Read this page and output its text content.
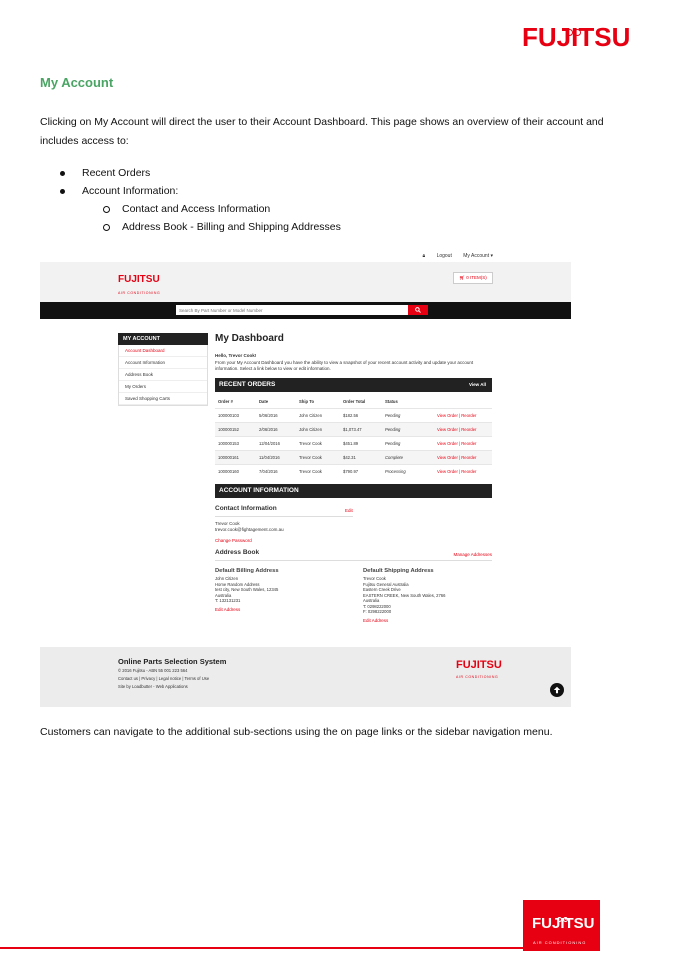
FUJITSU
My Account
Clicking on My Account will direct the user to their Account Dashboard. This page shows an overview of their account and includes access to:
Recent Orders
Account Information:
Contact and Access Information
Address Book - Billing and Shipping Addresses
🔒︎ Logout My Account ▾
FUJITSU
AIR CONDITIONING
🛒︎ 0 ITEM(S)
Search By Part Number or Model Number
MY ACCOUNT
Account Dashboard
Account Information
Address Book
My Orders
Saved Shopping Carts
My Dashboard
Hello, Trevor Cook!
From your My Account Dashboard you have the ability to view a snapshot of your recent account activity and update your account information. Select a link below to view or edit information.
RECENT ORDERS	View All
Order #	Date	Ship To	Order Total	Status
100000103	5/06/2016	John Citizen	$182.56	Pending	View Order | Reorder
100000152	2/06/2016	John Citizen	$1,073.47	Pending	View Order | Reorder
100000153	12/04/2016	Trevor Cook	$451.89	Pending	View Order | Reorder
100000161	11/04/2016	Trevor Cook	$42.31	Complete	View Order | Reorder
100000160	7/04/2016	Trevor Cook	$790.97	Processing	View Order | Reorder
ACCOUNT INFORMATION
Contact Information	Edit
Trevor Cook
trevor.cook@fightagement.com.au
Change Password
Address Book	Manage Addresses
Default Billing Address
John Citizen
Home Random Address
test city, New South Wales, 12345
Australia
T: 132131231
Edit Address
Default Shipping Address
Trevor Cook
Fujitsu General Australia
Eastern Creek Drive
EASTERN CREEK, New South Wales, 2766
Australia
T: 0298222000
F: 0298222000
Edit Address
Online Parts Selection System
© 2016 Fujitsu - ABN 55 001 223 564
Contact us | Privacy | Legal notice | Terms of Use
Site by Loadbutter - Web Applications
FUJITSU
AIR CONDITIONING
Customers can navigate to the additional sub-sections using the on page links or the sidebar navigation menu.
FUJITSU
AIR CONDITIONING
